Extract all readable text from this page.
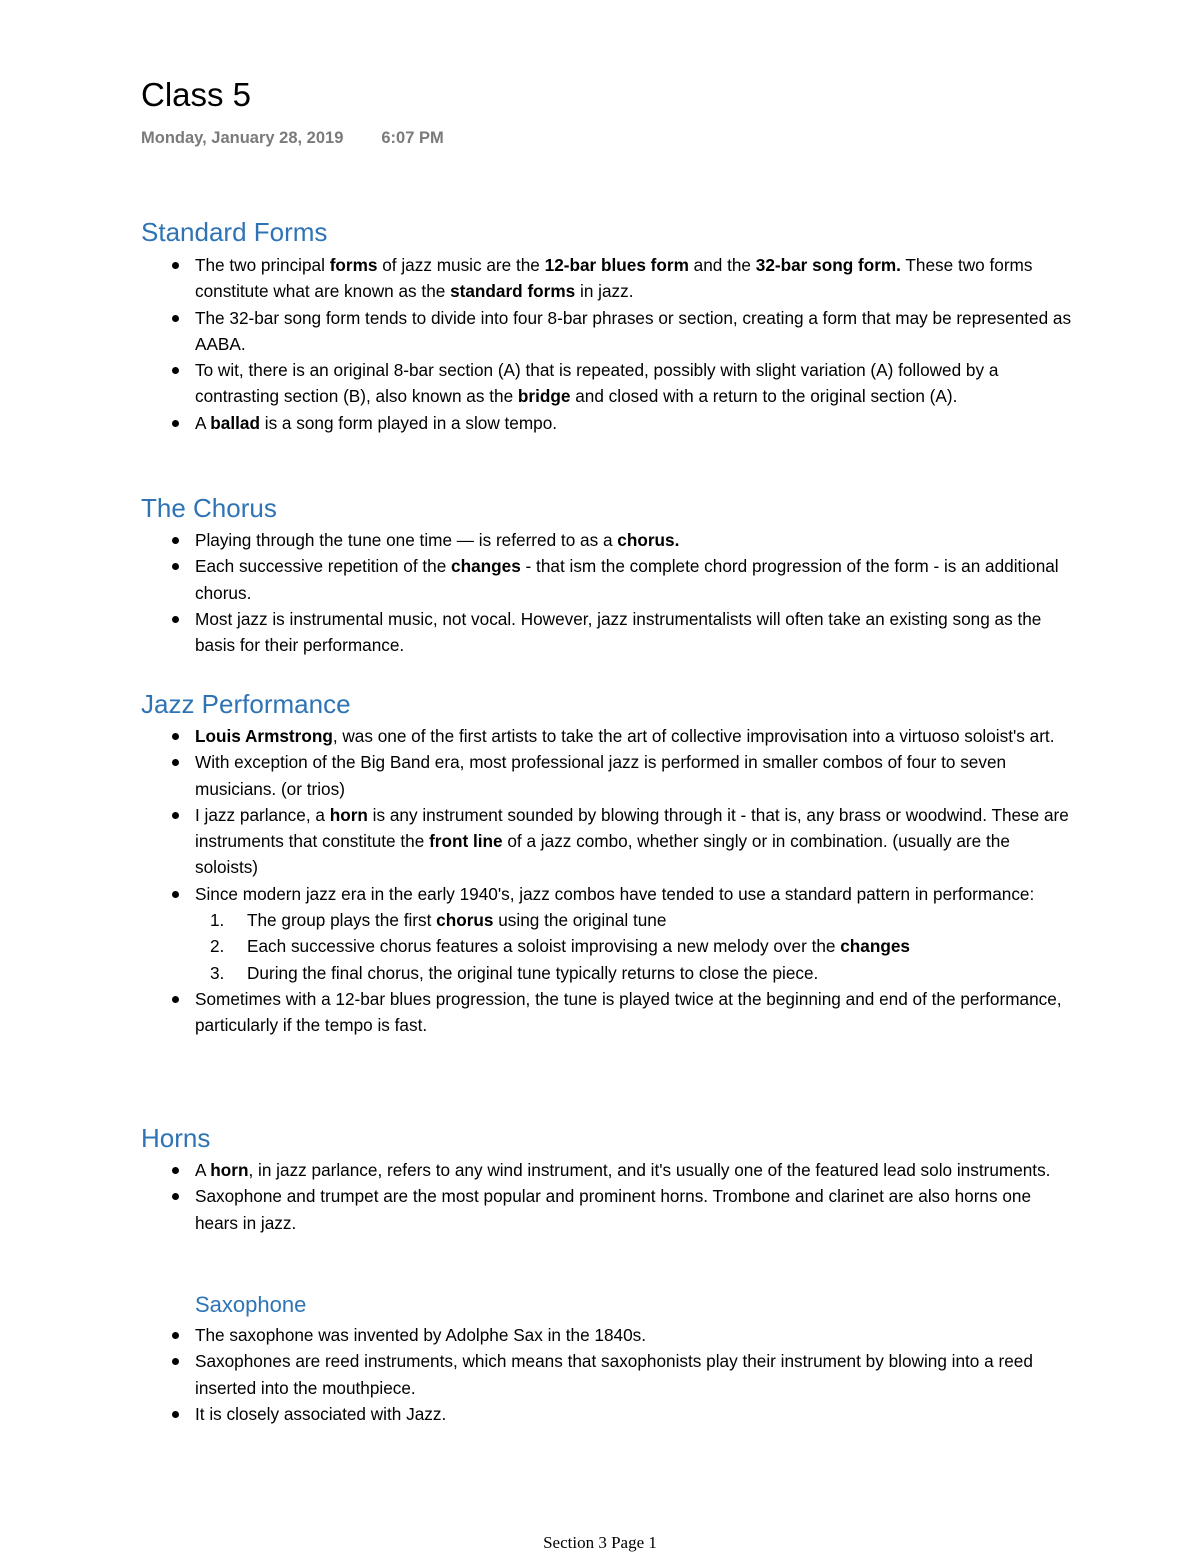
Class 5
Monday, January 28, 2019 6:07 PM
Standard Forms
The two principal forms of jazz music are the 12-bar blues form and the 32-bar song form. These two forms constitute what are known as the standard forms in jazz.
The 32-bar song form tends to divide into four 8-bar phrases or section, creating a form that may be represented as AABA.
To wit, there is an original 8-bar section (A) that is repeated, possibly with slight variation (A) followed by a contrasting section (B), also known as the bridge and closed with a return to the original section (A).
A ballad is a song form played in a slow tempo.
The Chorus
Playing through the tune one time — is referred to as a chorus.
Each successive repetition of the changes - that ism the complete chord progression of the form - is an additional chorus.
Most jazz is instrumental music, not vocal. However, jazz instrumentalists will often take an existing song as the basis for their performance.
Jazz Performance
Louis Armstrong, was one of the first artists to take the art of collective improvisation into a virtuoso soloist's art.
With exception of the Big Band era, most professional jazz is performed in smaller combos of four to seven musicians. (or trios)
I jazz parlance, a horn is any instrument sounded by blowing through it - that is, any brass or woodwind. These are instruments that constitute the front line of a jazz combo, whether singly or in combination. (usually are the soloists)
Since modern jazz era in the early 1940's, jazz combos have tended to use a standard pattern in performance:
1. The group plays the first chorus using the original tune
2. Each successive chorus features a soloist improvising a new melody over the changes
3. During the final chorus, the original tune typically returns to close the piece.
Sometimes with a 12-bar blues progression, the tune is played twice at the beginning and end of the performance, particularly if the tempo is fast.
Horns
A horn, in jazz parlance, refers to any wind instrument, and it's usually one of the featured lead solo instruments.
Saxophone and trumpet are the most popular and prominent horns. Trombone and clarinet are also horns one hears in jazz.
Saxophone
The saxophone was invented by Adolphe Sax in the 1840s.
Saxophones are reed instruments, which means that saxophonists play their instrument by blowing into a reed inserted into the mouthpiece.
It is closely associated with Jazz.
Section 3 Page 1
